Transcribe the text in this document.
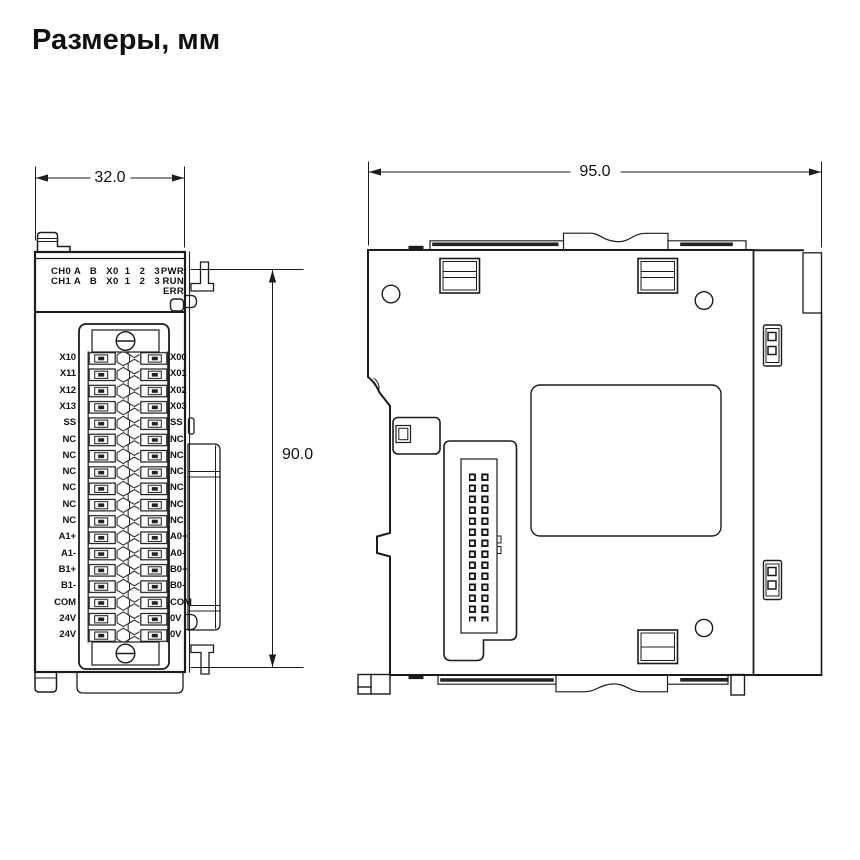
Размеры, мм
32.0
90.0
95.0
CH0 A   B   X0  1   2   3
CH1 A   B   X0  1   2   3
PWR
RUN
ERR
X10
X11
X12
X13
SS
NC
NC
NC
NC
NC
NC
A1+
A1-
B1+
B1-
COM
24V
24V
X00
X01
X02
X03
SS
NC
NC
NC
NC
NC
NC
A0+
A0-
B0+
B0-
COM
0V
0V
